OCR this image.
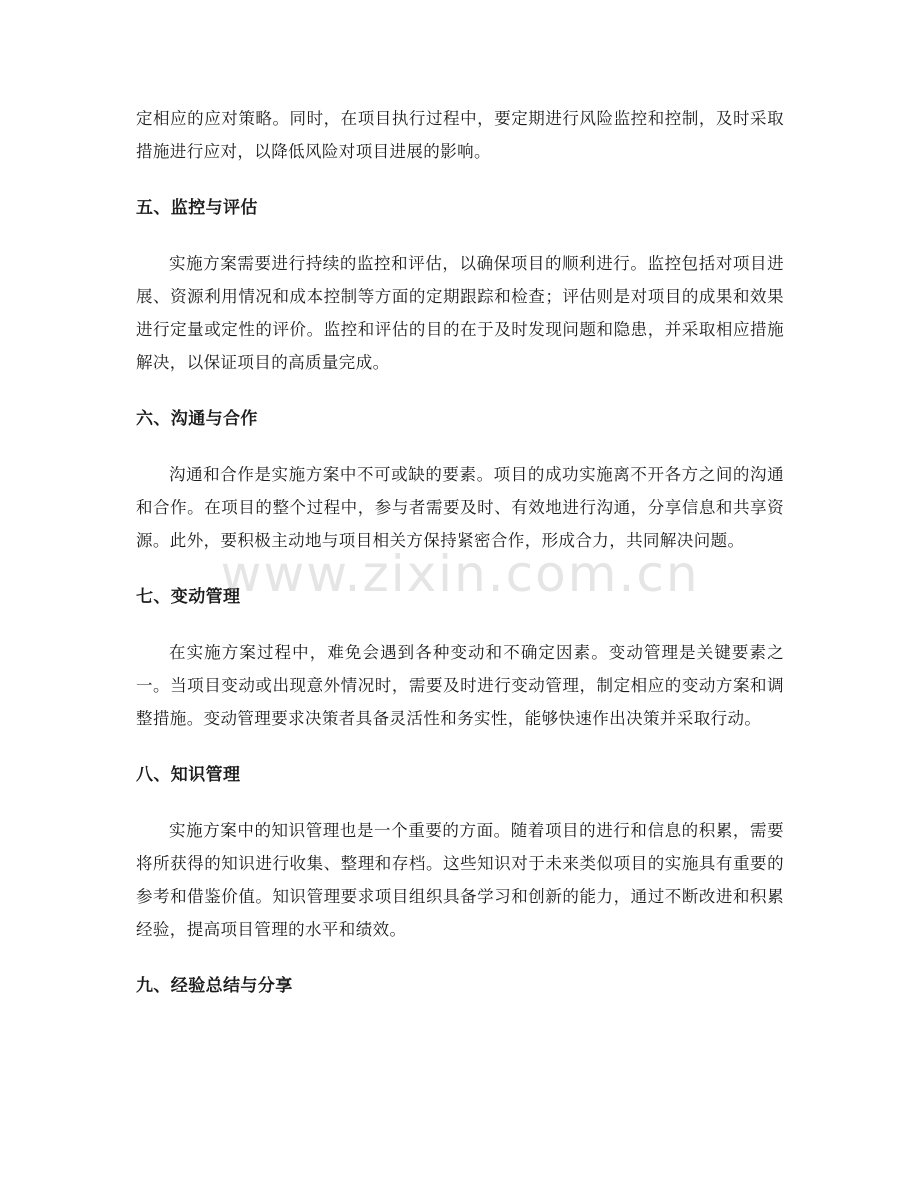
定相应的应对策略。同时，在项目执行过程中，要定期进行风险监控和控制，及时采取措施进行应对，以降低风险对项目进展的影响。

五、监控与评估

实施方案需要进行持续的监控和评估，以确保项目的顺利进行。监控包括对项目进展、资源利用情况和成本控制等方面的定期跟踪和检查；评估则是对项目的成果和效果进行定量或定性的评价。监控和评估的目的在于及时发现问题和隐患，并采取相应措施解决，以保证项目的高质量完成。

六、沟通与合作

沟通和合作是实施方案中不可或缺的要素。项目的成功实施离不开各方之间的沟通和合作。在项目的整个过程中，参与者需要及时、有效地进行沟通，分享信息和共享资源。此外，要积极主动地与项目相关方保持紧密合作，形成合力，共同解决问题。

七、变动管理

在实施方案过程中，难免会遇到各种变动和不确定因素。变动管理是关键要素之一。当项目变动或出现意外情况时，需要及时进行变动管理，制定相应的变动方案和调整措施。变动管理要求决策者具备灵活性和务实性，能够快速作出决策并采取行动。

八、知识管理

实施方案中的知识管理也是一个重要的方面。随着项目的进行和信息的积累，需要将所获得的知识进行收集、整理和存档。这些知识对于未来类似项目的实施具有重要的参考和借鉴价值。知识管理要求项目组织具备学习和创新的能力，通过不断改进和积累经验，提高项目管理的水平和绩效。

九、经验总结与分享
www.zixin.com.cn
